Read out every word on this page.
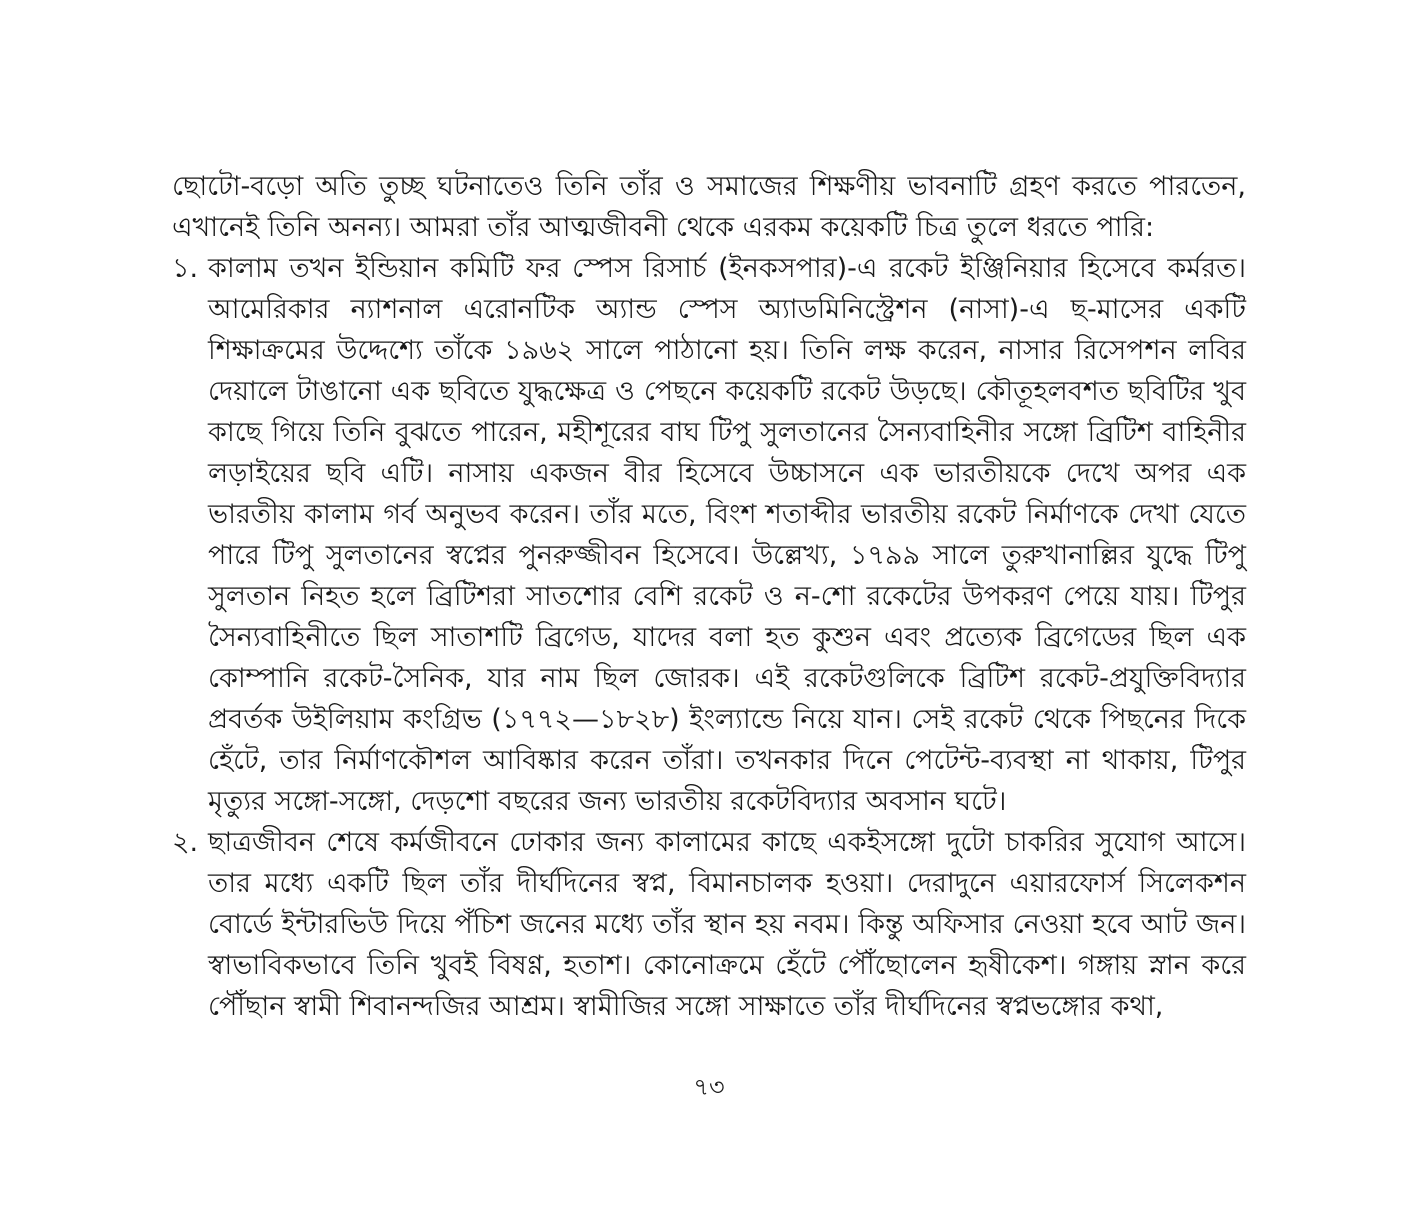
ছোটো-বড়ো অতি তুচ্ছ ঘটনাতেও তিনি তাঁর ও সমাজের শিক্ষণীয় ভাবনাটি গ্রহণ করতে পারতেন, এখানেই তিনি অনন্য। আমরা তাঁর আত্মজীবনী থেকে এরকম কয়েকটি চিত্র তুলে ধরতে পারি:

১. কালাম তখন ইন্ডিয়ান কমিটি ফর স্পেস রিসার্চ (ইনকসপার)-এ রকেট ইঞ্জিনিয়ার হিসেবে কর্মরত। আমেরিকার ন্যাশনাল এরোনটিক অ্যান্ড স্পেস অ্যাডমিনিস্ট্রেশন (নাসা)-এ ছ-মাসের একটি শিক্ষাক্রমের উদ্দেশ্যে তাঁকে ১৯৬২ সালে পাঠানো হয়। তিনি লক্ষ করেন, নাসার রিসেপশন লবির দেয়ালে টাঙানো এক ছবিতে যুদ্ধক্ষেত্র ও পেছনে কয়েকটি রকেট উড়ছে। কৌতূহলবশত ছবিটির খুব কাছে গিয়ে তিনি বুঝতে পারেন, মহীশূরের বাঘ টিপু সুলতানের সৈন্যবাহিনীর সঙ্গো ব্রিটিশ বাহিনীর লড়াইয়ের ছবি এটি। নাসায় একজন বীর হিসেবে উচ্চাসনে এক ভারতীয়কে দেখে অপর এক ভারতীয় কালাম গর্ব অনুভব করেন। তাঁর মতে, বিংশ শতাব্দীর ভারতীয় রকেট নির্মাণকে দেখা যেতে পারে টিপু সুলতানের স্বপ্নের পুনরুজ্জীবন হিসেবে। উল্লেখ্য, ১৭৯৯ সালে তুরুখানাল্লির যুদ্ধে টিপু সুলতান নিহত হলে ব্রিটিশরা সাতশোর বেশি রকেট ও ন-শো রকেটের উপকরণ পেয়ে যায়। টিপুর সৈন্যবাহিনীতে ছিল সাতাশটি ব্রিগেড, যাদের বলা হত কুশুন এবং প্রত্যেক ব্রিগেডের ছিল এক কোম্পানি রকেট-সৈনিক, যার নাম ছিল জোরক। এই রকেটগুলিকে ব্রিটিশ রকেট-প্রযুক্তিবিদ্যার প্রবর্তক উইলিয়াম কংগ্রিভ (১৭৭২—১৮২৮) ইংল্যান্ডে নিয়ে যান। সেই রকেট থেকে পিছনের দিকে হেঁটে, তার নির্মাণকৌশল আবিষ্কার করেন তাঁরা। তখনকার দিনে পেটেন্ট-ব্যবস্থা না থাকায়, টিপুর মৃত্যুর সঙ্গো-সঙ্গো, দেড়শো বছরের জন্য ভারতীয় রকেটবিদ্যার অবসান ঘটে।
২. ছাত্রজীবন শেষে কর্মজীবনে ঢোকার জন্য কালামের কাছে একইসঙ্গো দুটো চাকরির সুযোগ আসে। তার মধ্যে একটি ছিল তাঁর দীর্ঘদিনের স্বপ্ন, বিমানচালক হওয়া। দেরাদুনে এয়ারফোর্স সিলেকশন বোর্ডে ইন্টারভিউ দিয়ে পঁচিশ জনের মধ্যে তাঁর স্থান হয় নবম। কিন্তু অফিসার নেওয়া হবে আট জন। স্বাভাবিকভাবে তিনি খুবই বিষণ্ণ, হতাশ। কোনোক্রমে হেঁটে পৌঁছোলেন হৃষীকেশ। গঙ্গায় স্নান করে পৌঁছান স্বামী শিবানন্দজির আশ্রম। স্বামীজির সঙ্গো সাক্ষাতে তাঁর দীর্ঘদিনের স্বপ্নভঙ্গোর কথা,
৭৩
